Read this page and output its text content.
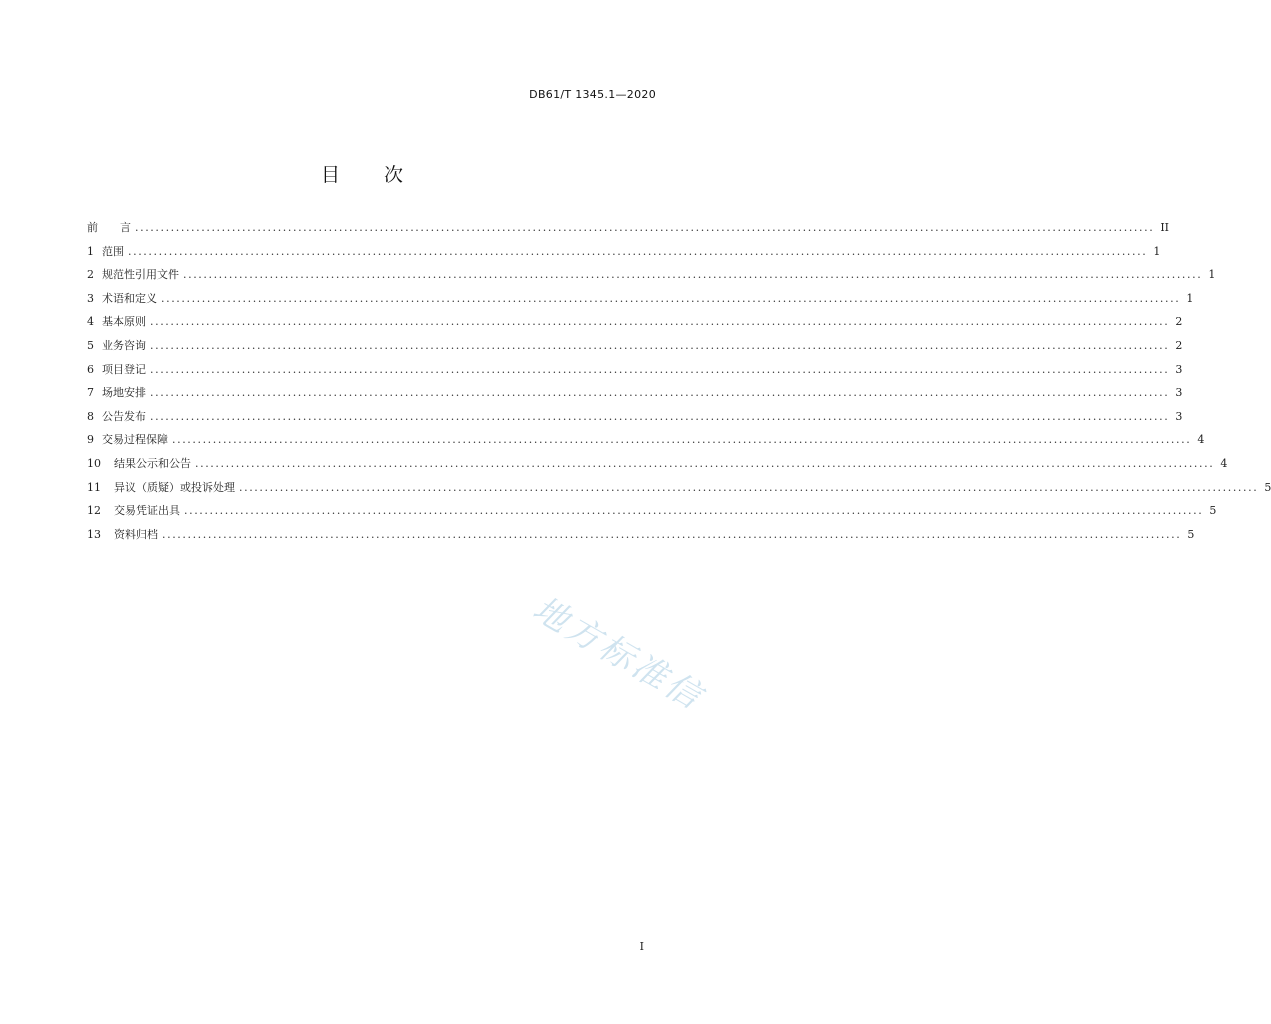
DB61/T 1345.1—2020
目 次
前　　言 ........................................................................................................................................................................................................ II
1 范围 ........................................................................................................................................................................................................ 1
2 规范性引用文件 ........................................................................................................................................................................................................ 1
3 术语和定义 ........................................................................................................................................................................................................ 1
4 基本原则 ........................................................................................................................................................................................................ 2
5 业务咨询 ........................................................................................................................................................................................................ 2
6 项目登记 ........................................................................................................................................................................................................ 3
7 场地安排 ........................................................................................................................................................................................................ 3
8 公告发布 ........................................................................................................................................................................................................ 3
9 交易过程保障 ........................................................................................................................................................................................................ 4
10 结果公示和公告 ........................................................................................................................................................................................................ 4
11 异议（质疑）或投诉处理 ........................................................................................................................................................................................................ 5
12 交易凭证出具 ........................................................................................................................................................................................................ 5
13 资料归档 ........................................................................................................................................................................................................ 5
地方标准信
I
